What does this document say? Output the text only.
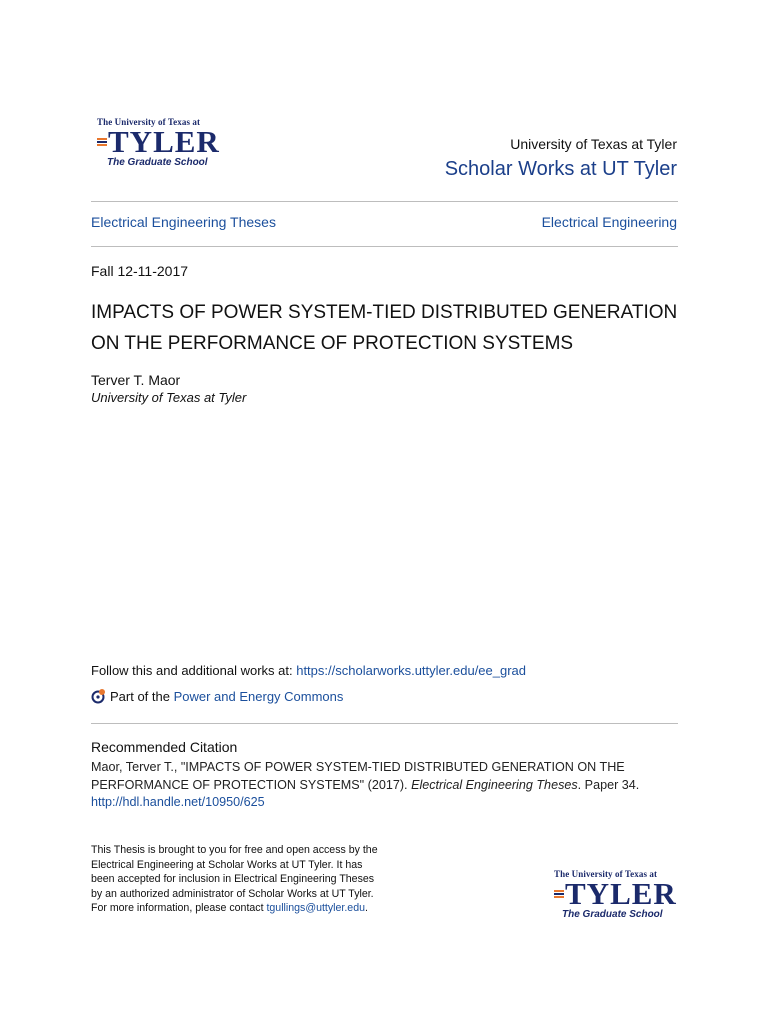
The University of Texas at
TYLER
The Graduate School
University of Texas at Tyler
Scholar Works at UT Tyler
Electrical Engineering Theses	Electrical Engineering
Fall 12-11-2017
IMPACTS OF POWER SYSTEM-TIED DISTRIBUTED GENERATION ON THE PERFORMANCE OF PROTECTION SYSTEMS
Terver T. Maor
University of Texas at Tyler
Follow this and additional works at: https://scholarworks.uttyler.edu/ee_grad
Part of the Power and Energy Commons
Recommended Citation
Maor, Terver T., "IMPACTS OF POWER SYSTEM-TIED DISTRIBUTED GENERATION ON THE PERFORMANCE OF PROTECTION SYSTEMS" (2017). Electrical Engineering Theses. Paper 34.
http://hdl.handle.net/10950/625
This Thesis is brought to you for free and open access by the Electrical Engineering at Scholar Works at UT Tyler. It has been accepted for inclusion in Electrical Engineering Theses by an authorized administrator of Scholar Works at UT Tyler. For more information, please contact tgullings@uttyler.edu.
The University of Texas at
TYLER
The Graduate School
